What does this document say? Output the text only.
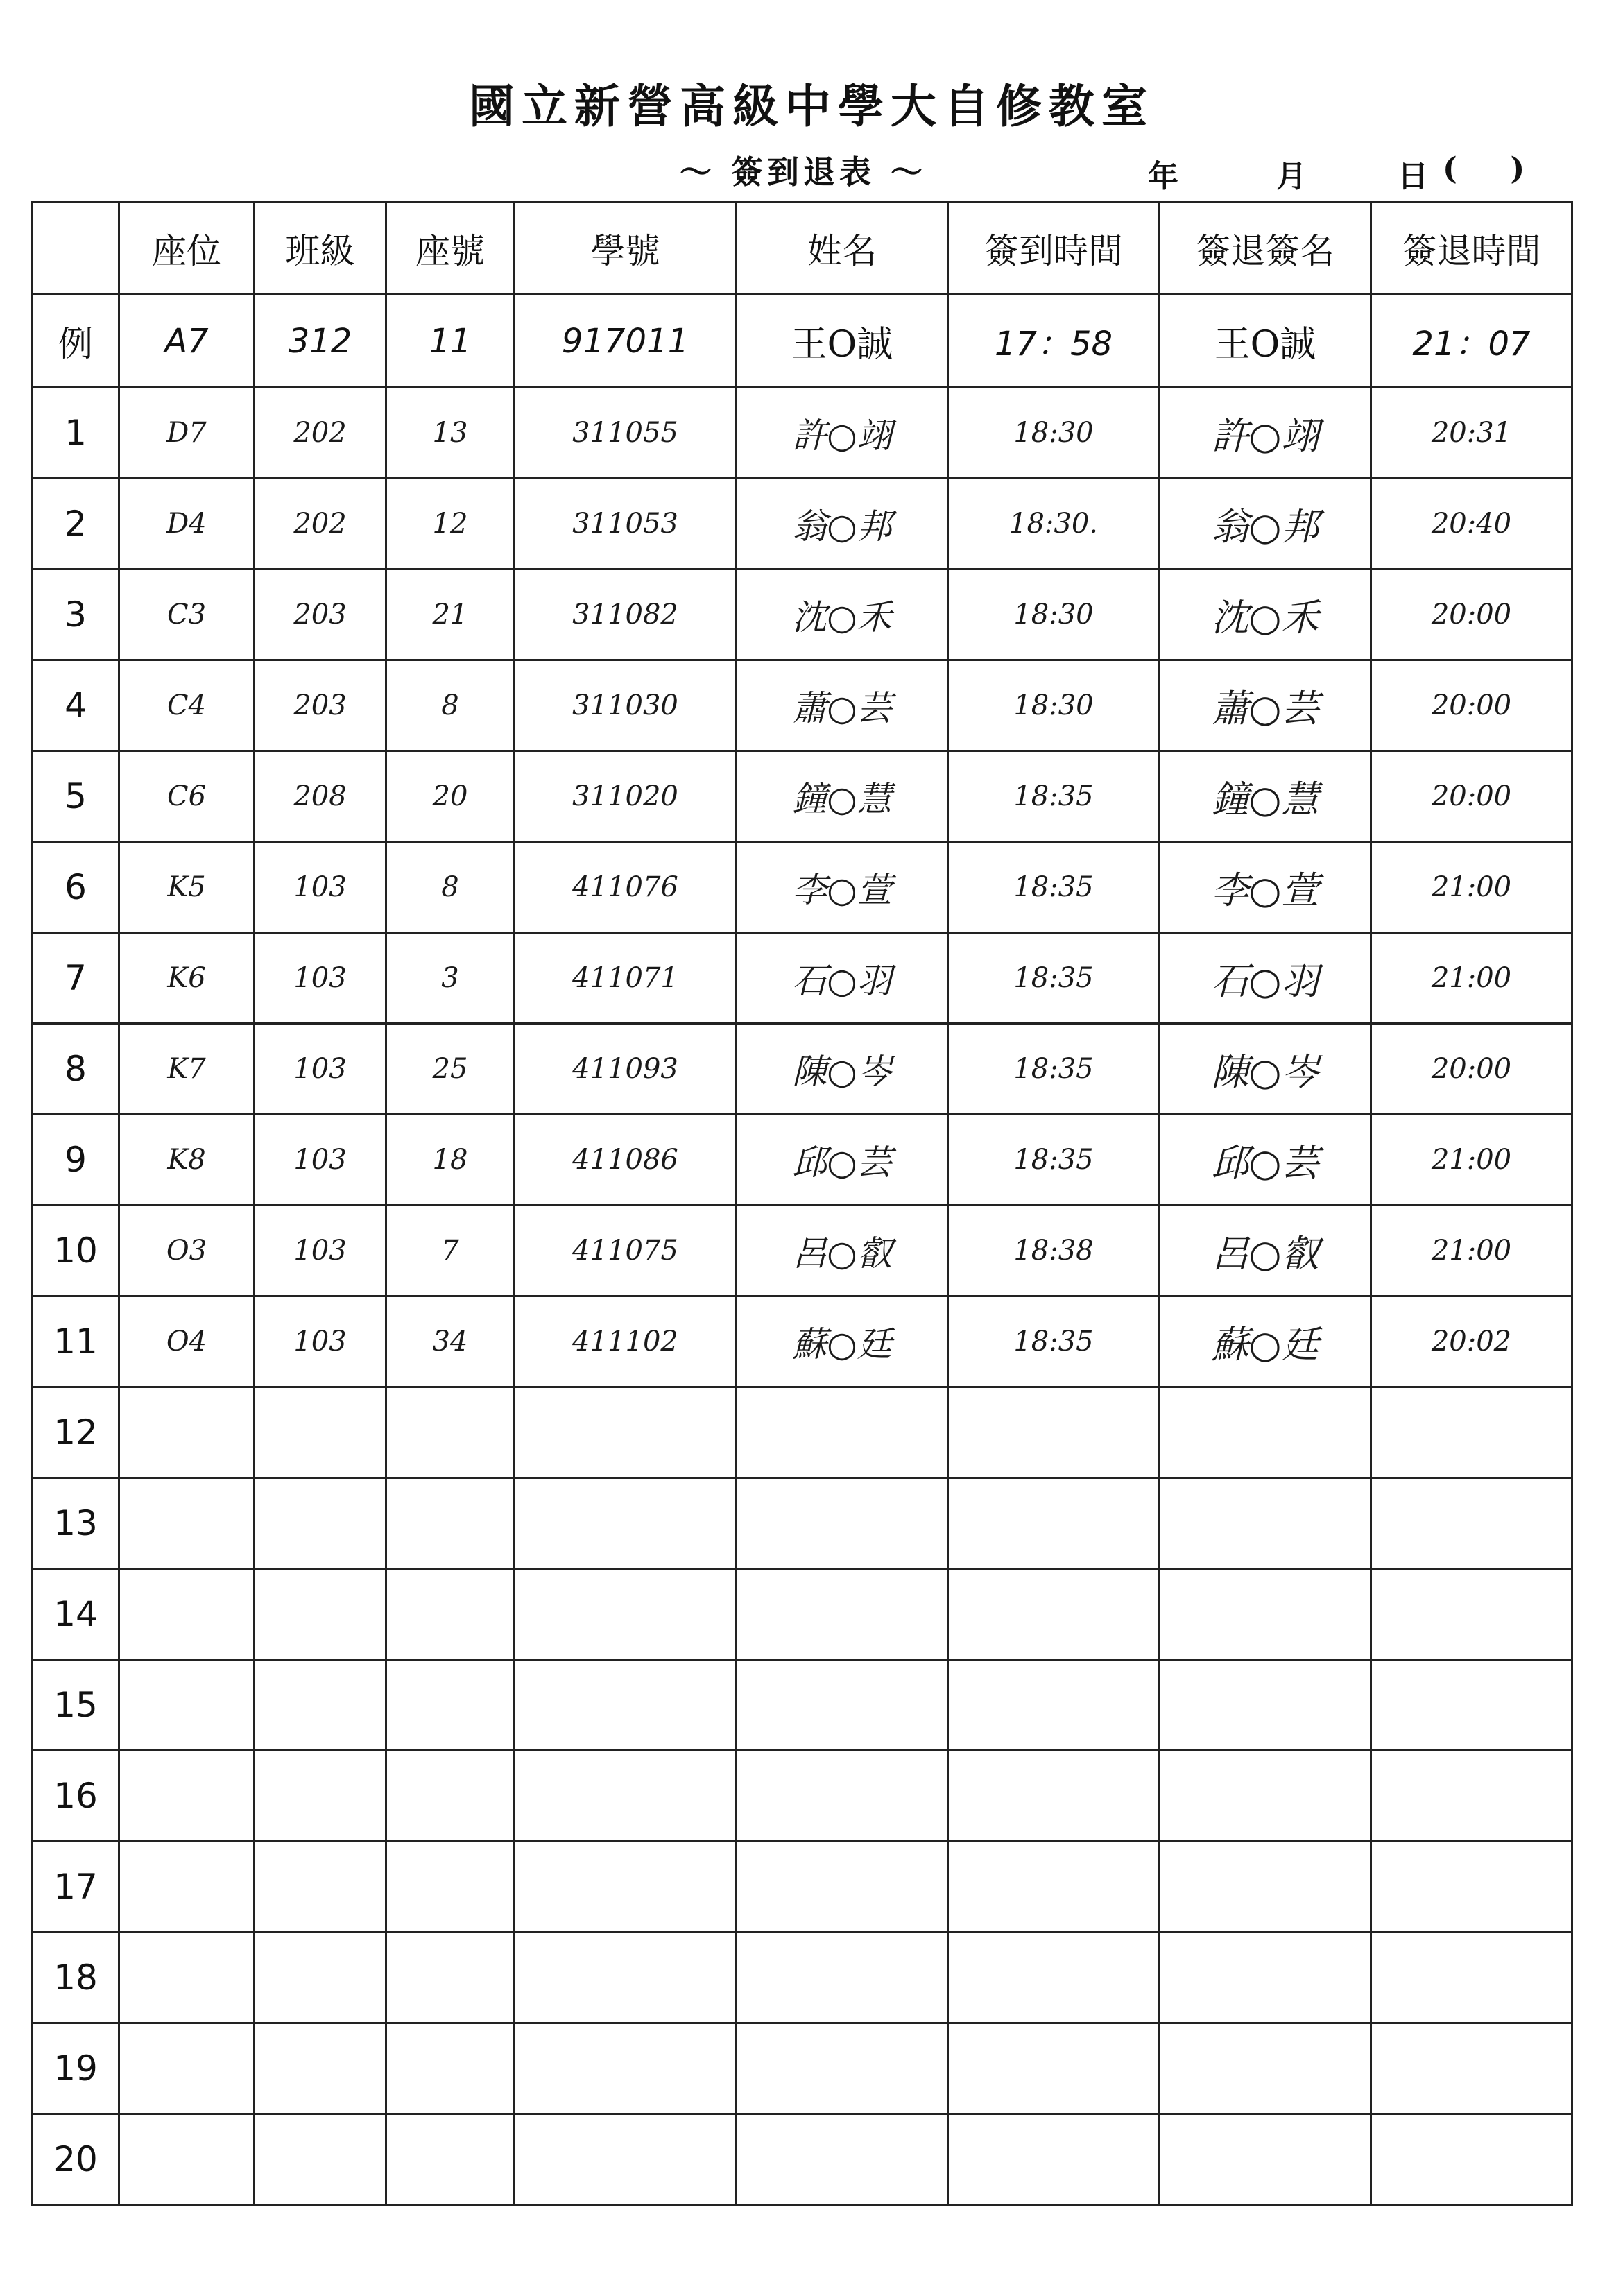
國立新營高級中學大自修教室
〜 簽到退表 〜	年	月	日 (     )
	座位	班級	座號	學號	姓名	簽到時間	簽退簽名	簽退時間
例	A7	312	11	917011	王O誠	17：58	王O誠	21：07
1	D7	202	13	311055	許○翊	18:30	許○翊	20:31
2	D4	202	12	311053	翁○邦	18:30.	翁○邦	20:40
3	C3	203	21	311082	沈○禾	18:30	沈○禾	20:00
4	C4	203	8	311030	蕭○芸	18:30	蕭○芸	20:00
5	C6	208	20	311020	鐘○慧	18:35	鐘○慧	20:00
6	K5	103	8	411076	李○萱	18:35	李○萱	21:00
7	K6	103	3	411071	石○羽	18:35	石○羽	21:00
8	K7	103	25	411093	陳○岑	18:35	陳○岑	20:00
9	K8	103	18	411086	邱○芸	18:35	邱○芸	21:00
10	O3	103	7	411075	呂○叡	18:38	呂○叡	21:00
11	O4	103	34	411102	蘇○廷	18:35	蘇○廷	20:02
12								
13								
14								
15								
16								
17								
18								
19								
20								
